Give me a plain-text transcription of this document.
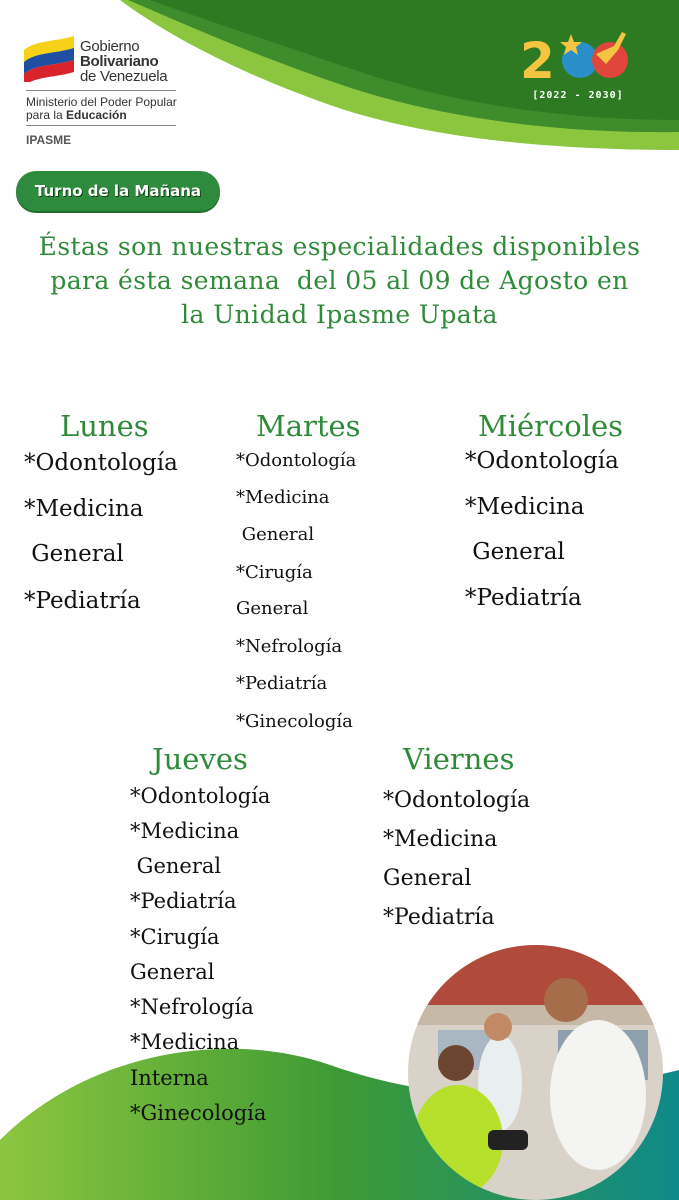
Gobierno
Bolivariano
de Venezuela
Ministerio del Poder Popular
para la Educación
IPASME
2
[2022 - 2030]
Turno de la Mañana
Éstas son nuestras especialidades disponibles
para ésta semana  del 05 al 09 de Agosto en
la Unidad Ipasme Upata
Lunes
*Odontología
*Medicina
General
*Pediatría
Martes
*Odontología
*Medicina
General
*Cirugía
General
*Nefrología
*Pediatría
*Ginecología
Miércoles
*Odontología
*Medicina
General
*Pediatría
Jueves
*Odontología
*Medicina
General
*Pediatría
*Cirugía
General
*Nefrología
*Medicina
Interna
*Ginecología
Viernes
*Odontología
*Medicina
General
*Pediatría
